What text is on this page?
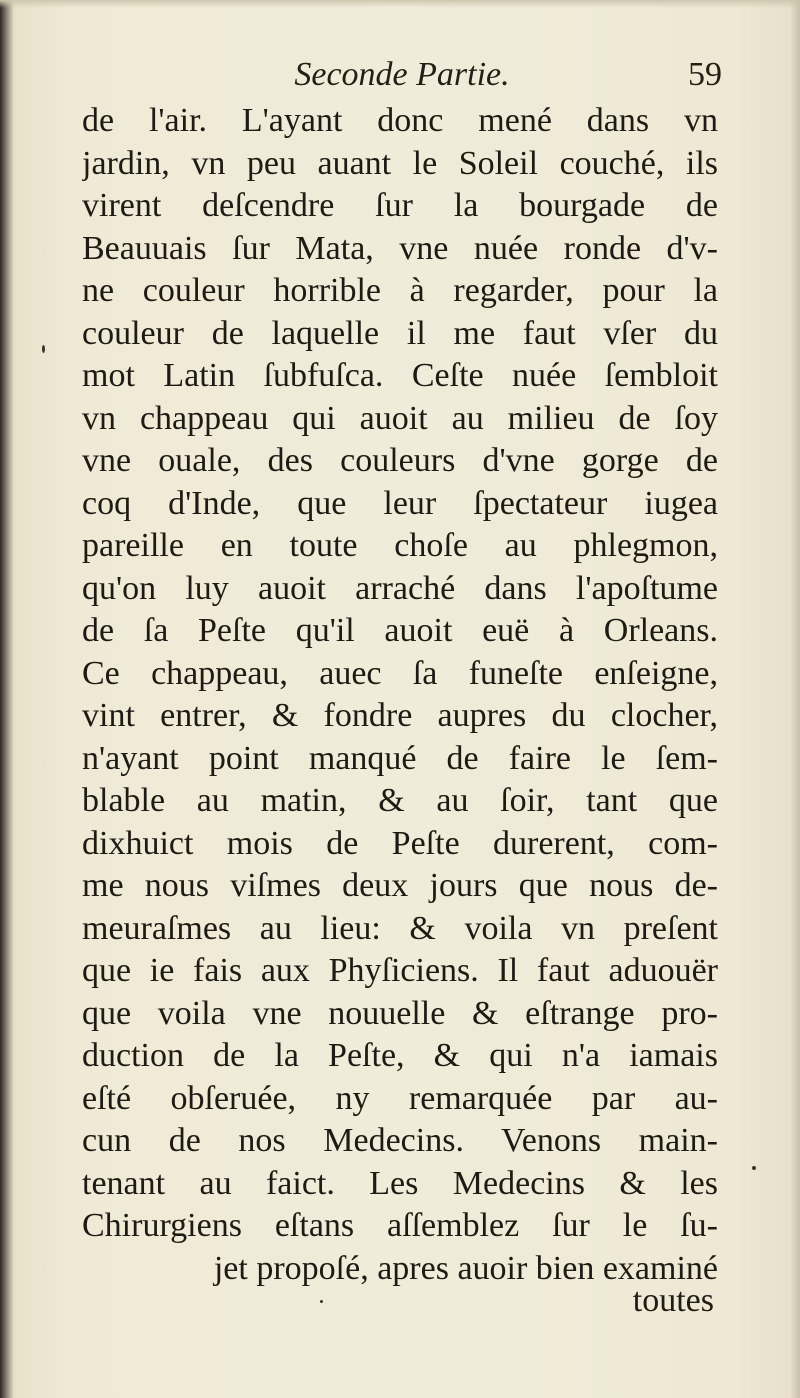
Seconde Partie.	59
de l'air. L'ayant donc mené dans vn
jardin, vn peu auant le Soleil couché, ils
virent deſcendre ſur la bourgade de
Beauuais ſur Mata, vne nuée ronde d'v-
ne couleur horrible à regarder, pour la
couleur de laquelle il me faut vſer du
mot Latin ſubfuſca. Ceſte nuée ſembloit
vn chappeau qui auoit au milieu de ſoy
vne ouale, des couleurs d'vne gorge de
coq d'Inde, que leur ſpectateur iugea
pareille en toute choſe au phlegmon,
qu'on luy auoit arraché dans l'apoſtume
de ſa Peſte qu'il auoit euë à Orleans.
Ce chappeau, auec ſa funeſte enſeigne,
vint entrer, & fondre aupres du clocher,
n'ayant point manqué de faire le ſem-
blable au matin, & au ſoir, tant que
dixhuict mois de Peſte durerent, com-
me nous viſmes deux jours que nous de-
meuraſmes au lieu: & voila vn preſent
que ie fais aux Phyſiciens. Il faut aduouër
que voila vne nouuelle & eſtrange pro-
duction de la Peſte, & qui n'a iamais
eſté obſeruée, ny remarquée par au-
cun de nos Medecins. Venons main-
tenant au faict. Les Medecins & les
Chirurgiens eſtans aſſemblez ſur le ſu-
jet propoſé, apres auoir bien examiné
toutes
